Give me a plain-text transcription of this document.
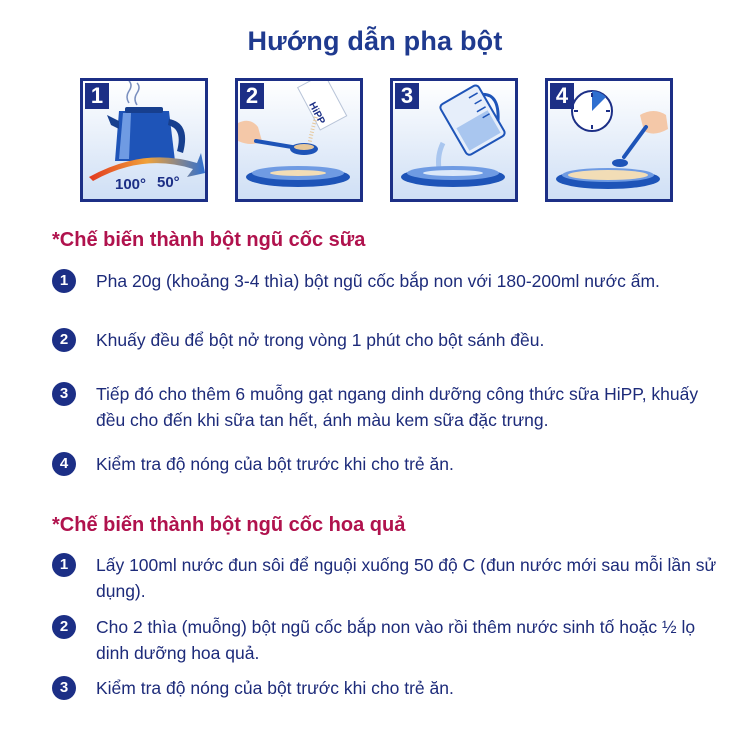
Hướng dẫn pha bột
100° 50°
1
HiPP
2	3	4
*Chế biến thành bột ngũ cốc sữa
1	Pha 20g (khoảng 3-4 thìa) bột ngũ cốc bắp non với 180-200ml nước ấm.
2	Khuấy đều để bột nở trong vòng 1 phút cho bột sánh đều.
3	Tiếp đó cho thêm 6 muỗng gạt ngang dinh dưỡng công thức sữa HiPP, khuấy đều cho đến khi sữa tan hết, ánh màu kem sữa đặc trưng.
4	Kiểm tra độ nóng của bột trước khi cho trẻ ăn.
*Chế biến thành bột ngũ cốc hoa quả
1	Lấy 100ml nước đun sôi để nguội xuống 50 độ C (đun nước mới sau mỗi lần sử dụng).
2	Cho 2 thìa (muỗng) bột ngũ cốc bắp non vào rồi thêm nước sinh tố hoặc ½ lọ dinh dưỡng hoa quả.
3	Kiểm tra độ nóng của bột trước khi cho trẻ ăn.
